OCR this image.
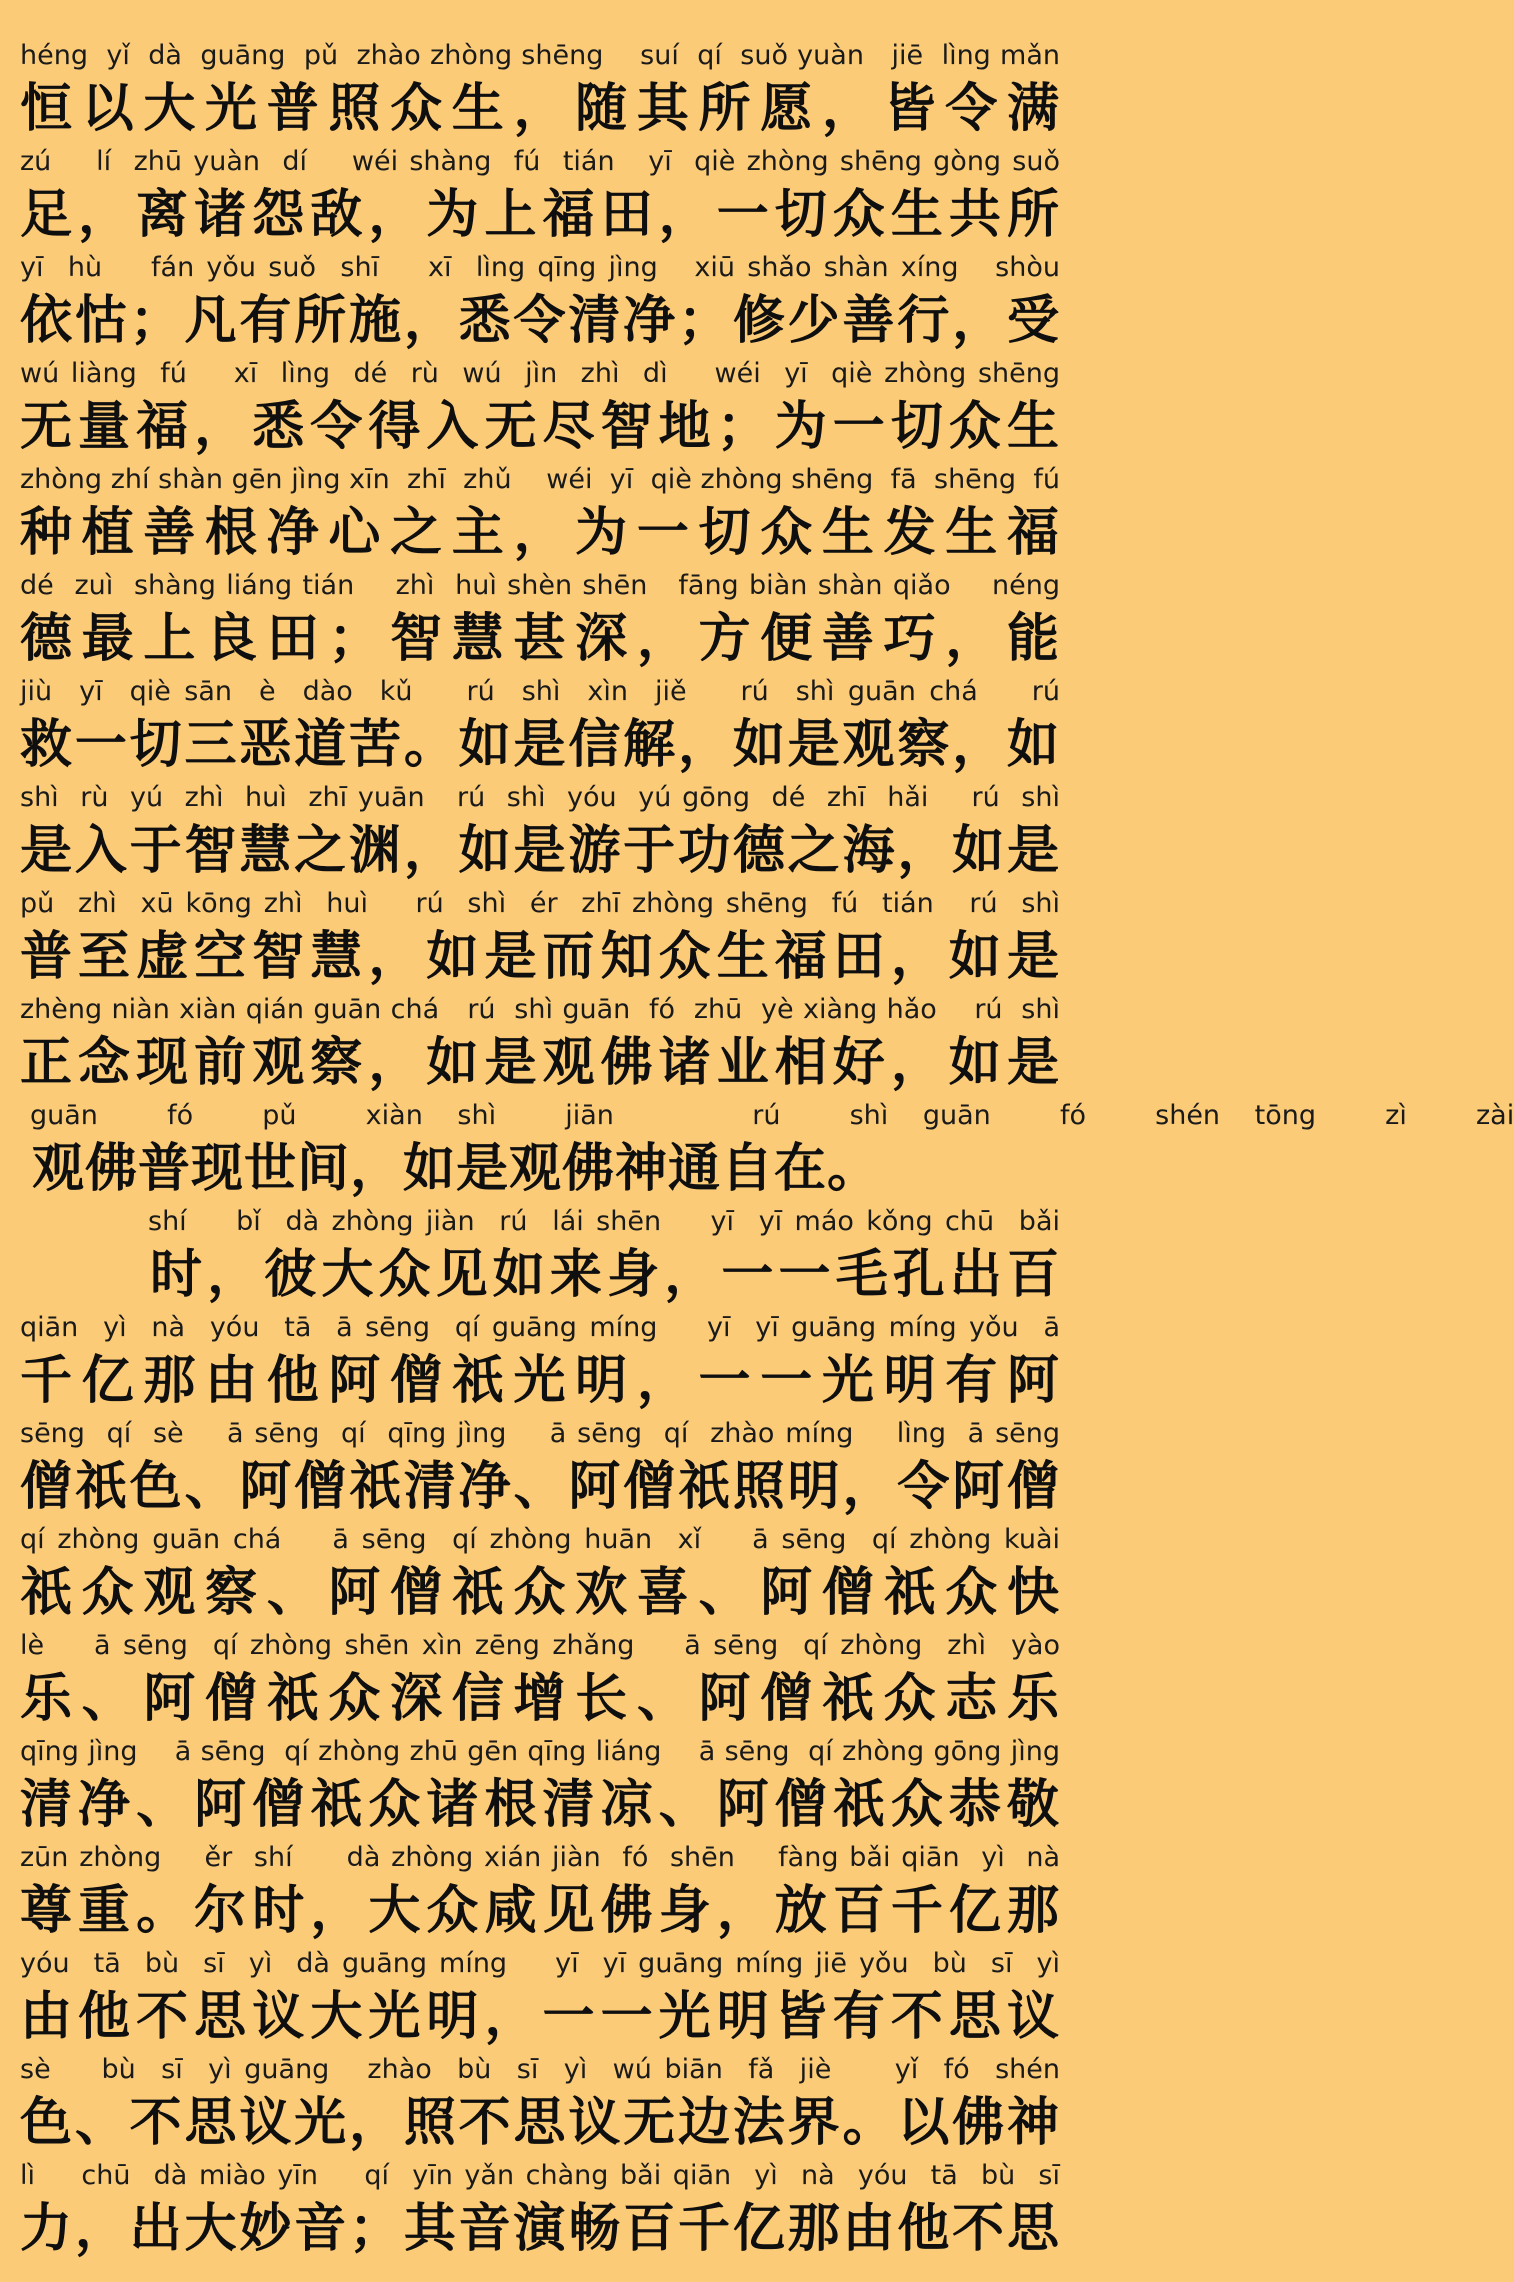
héng  yǐ  dà  guāng  pǔ  zhào zhòng shēng    suí  qí  suǒ yuàn   jiē  lìng mǎn
恒以大光普照众生，随其所愿，皆令满
zú    lí  zhū yuàn  dí    wéi shàng  fú  tián   yī  qiè zhòng shēng gòng suǒ
足，离诸怨敌，为上福田，一切众生共所
yī  hù    fán yǒu suǒ  shī    xī  lìng qīng jìng   xiū shǎo shàn xíng   shòu
依怙；凡有所施，悉令清净；修少善行，受
wú liàng  fú    xī  lìng  dé  rù  wú  jìn  zhì  dì    wéi  yī  qiè zhòng shēng
无量福，悉令得入无尽智地；为一切众生
zhòng zhí shàn gēn jìng xīn  zhī  zhǔ    wéi  yī  qiè zhòng shēng  fā  shēng  fú
种植善根净心之主，为一切众生发生福
dé  zuì  shàng liáng tián    zhì  huì shèn shēn   fāng biàn shàn qiǎo    néng
德最上良田；智慧甚深，方便善巧，能
jiù  yī  qiè sān  è  dào  kǔ    rú  shì  xìn  jiě    rú  shì guān chá    rú
救一切三恶道苦。如是信解，如是观察，如
shì  rù  yú  zhì  huì  zhī yuān   rú  shì  yóu  yú gōng  dé  zhī  hǎi    rú  shì
是入于智慧之渊，如是游于功德之海，如是
pǔ  zhì  xū kōng zhì  huì    rú  shì  ér  zhī zhòng shēng  fú  tián   rú  shì
普至虚空智慧，如是而知众生福田，如是
zhèng niàn xiàn qián guān chá   rú  shì guān  fó  zhū  yè xiàng hǎo    rú  shì
正念现前观察，如是观佛诸业相好，如是
guān  fó  pǔ  xiàn shì  jiān    rú  shì guān  fó  shén tōng  zì  zài
观佛普现世间，如是观佛神通自在。
shí    bǐ  dà zhòng jiàn  rú  lái shēn    yī  yī máo kǒng chū  bǎi
时，彼大众见如来身，一一毛孔出百
qiān  yì  nà  yóu  tā  ā sēng  qí guāng míng    yī  yī guāng míng yǒu  ā
千亿那由他阿僧祇光明，一一光明有阿
sēng  qí  sè    ā sēng  qí  qīng jìng    ā sēng  qí  zhào míng    lìng  ā sēng
僧祇色、阿僧祇清净、阿僧祇照明，令阿僧
qí zhòng guān chá    ā sēng  qí zhòng huān  xǐ    ā sēng  qí zhòng kuài
祇众观察、阿僧祇众欢喜、阿僧祇众快
lè    ā sēng  qí zhòng shēn xìn zēng zhǎng    ā sēng  qí zhòng  zhì  yào
乐、阿僧祇众深信增长、阿僧祇众志乐
qīng jìng    ā sēng  qí zhòng zhū gēn qīng liáng    ā sēng  qí zhòng gōng jìng
清净、阿僧祇众诸根清凉、阿僧祇众恭敬
zūn zhòng    ěr  shí     dà zhòng xián jiàn  fó  shēn    fàng bǎi qiān  yì  nà
尊重。尔时，大众咸见佛身，放百千亿那
yóu  tā  bù  sī  yì  dà guāng míng    yī  yī guāng míng jiē yǒu  bù  sī  yì
由他不思议大光明，一一光明皆有不思议
sè    bù  sī  yì guāng   zhào  bù  sī  yì  wú biān  fǎ  jiè     yǐ  fó  shén
色、不思议光，照不思议无边法界。以佛神
lì    chū  dà miào yīn    qí  yīn yǎn chàng bǎi qiān  yì  nà  yóu  tā  bù  sī
力，出大妙音；其音演畅百千亿那由他不思
